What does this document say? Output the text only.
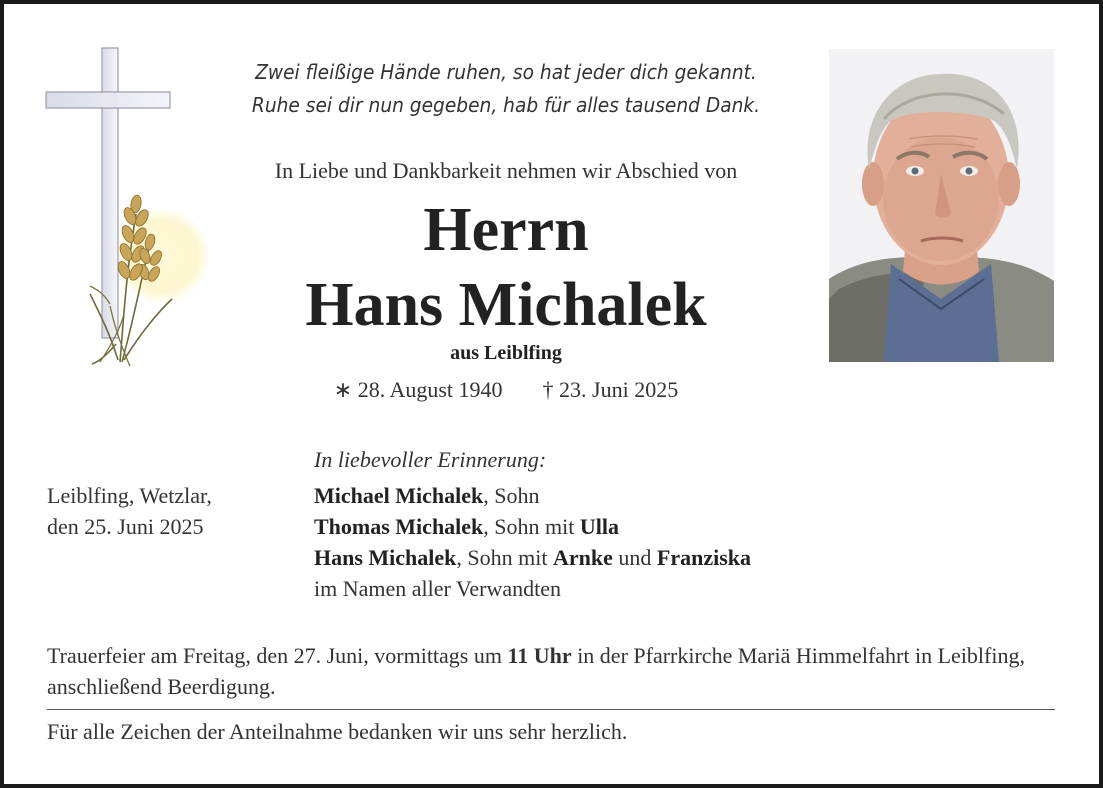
Zwei fleißige Hände ruhen, so hat jeder dich gekannt.
Ruhe sei dir nun gegeben, hab für alles tausend Dank.
In Liebe und Dankbarkeit nehmen wir Abschied von
Herrn
Hans Michalek
aus Leiblfing
∗ 28. August 1940 † 23. Juni 2025
Leiblfing, Wetzlar,
den 25. Juni 2025
In liebevoller Erinnerung:
Michael Michalek, Sohn
Thomas Michalek, Sohn mit Ulla
Hans Michalek, Sohn mit Arnke und Franziska
im Namen aller Verwandten
Trauerfeier am Freitag, den 27. Juni, vormittags um 11 Uhr in der Pfarrkirche Mariä Himmelfahrt in Leiblfing, anschließend Beerdigung.
Für alle Zeichen der Anteilnahme bedanken wir uns sehr herzlich.
